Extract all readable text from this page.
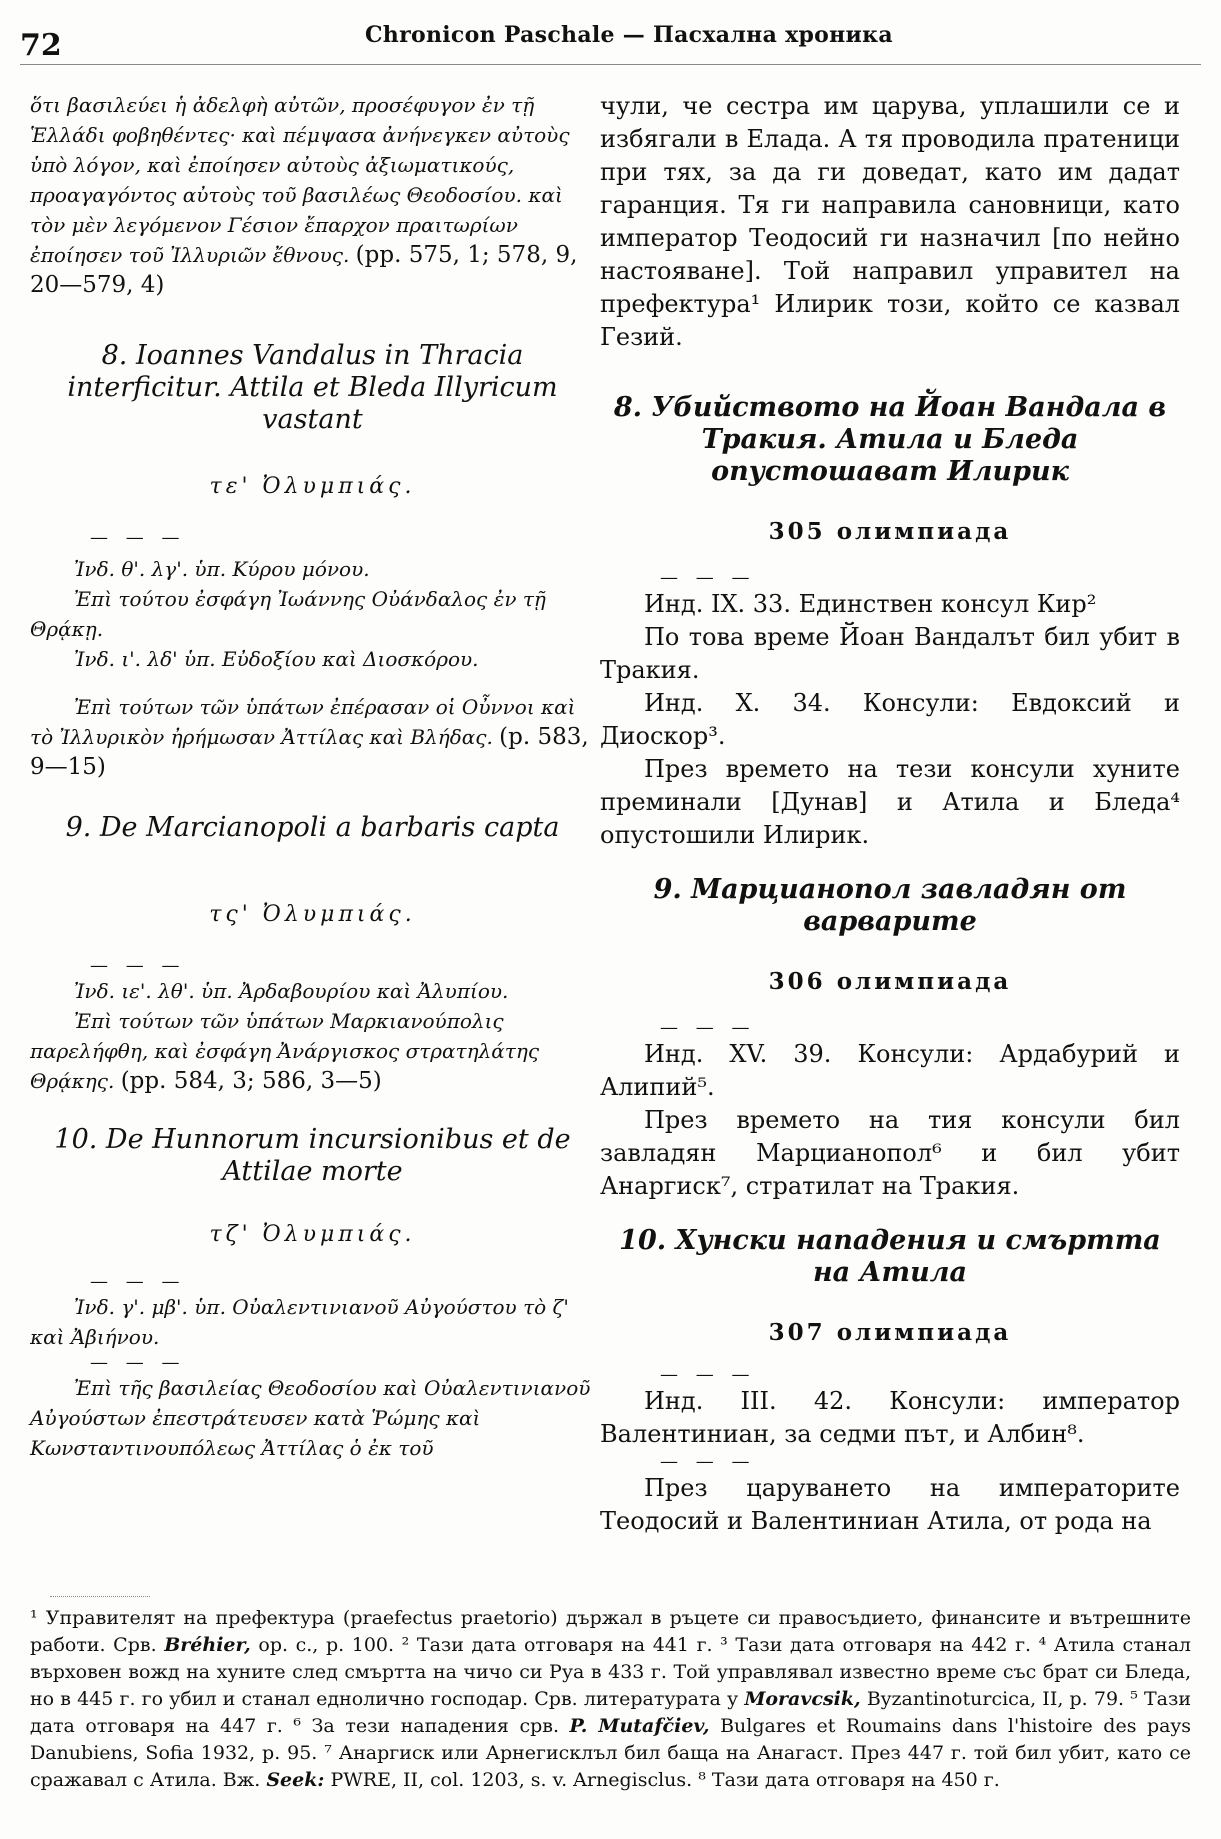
72	Chronicon Paschale — Пасхална хроника

ὅτι βασιλεύει ἡ ἀδελφὴ αὐτῶν, προσέφυγον ἐν τῇ Ἑλλάδι φοβηθέντες· καὶ πέμψασα ἀνήνεγκεν αὐτοὺς ὑπὸ λόγον, καὶ ἐποίησεν αὐτοὺς ἀξιωματικούς, προαγαγόντος αὐτοὺς τοῦ βασιλέως Θεοδοσίου. καὶ τὸν μὲν λεγόμενον Γέσιον ἔπαρχον πραιτωρίων ἐποίησεν τοῦ Ἰλλυριῶν ἔθνους. (pp. 575, 1; 578, 9, 20—579, 4)

8. Ioannes Vandalus in Thracia interficitur. Attila et Bleda Illyricum vastant

τε' Ὀλυμπιάς.

— — —

Ἰνδ. θ'. λγ'. ὑπ. Κύρου μόνου.

Ἐπὶ τούτου ἐσφάγη Ἰωάννης Οὐάνδαλος ἐν τῇ Θρᾴκῃ.

Ἰνδ. ι'. λδ' ὑπ. Εὐδοξίου καὶ Διοσκόρου.

Ἐπὶ τούτων τῶν ὑπάτων ἐπέρασαν οἱ Οὖννοι καὶ τὸ Ἰλλυρικὸν ἠρήμωσαν Ἀττίλας καὶ Βλήδας. (p. 583, 9—15)

9. De Marcianopoli a barbaris capta

τς' Ὀλυμπιάς.

— — —

Ἰνδ. ιε'. λθ'. ὑπ. Ἀρδαβουρίου καὶ Ἀλυπίου.

Ἐπὶ τούτων τῶν ὑπάτων Μαρκιανούπολις παρελήφθη, καὶ ἐσφάγη Ἀνάργισκος στρατηλάτης Θρᾴκης. (pp. 584, 3; 586, 3—5)

10. De Hunnorum incursionibus et de Attilae morte

τζ' Ὀλυμπιάς.

— — —

Ἰνδ. γ'. μβ'. ὑπ. Οὐαλεντινιανοῦ Αὐγούστου τὸ ζ' καὶ Ἀβιήνου.

— — —

Ἐπὶ τῆς βασιλείας Θεοδοσίου καὶ Οὐαλεντινιανοῦ Αὐγούστων ἐπεστράτευσεν κατὰ Ῥώμης καὶ Κωνσταντινουπόλεως Ἀττίλας ὁ ἐκ τοῦ

чули, че сестра им царува, уплашили се и избягали в Елада. А тя проводила пратеници при тях, за да ги доведат, като им дадат гаранция. Тя ги направила сановници, като император Теодосий ги назначил [по нейно настояване]. Той направил управител на префектура¹ Илирик този, който се казвал Гезий.

8. Убийството на Йоан Вандала в Тракия. Атила и Бледа опустошават Илирик

305 олимпиада

— — —

Инд. IX. 33. Единствен консул Кир²

По това време Йоан Вандалът бил убит в Тракия.

Инд. X. 34. Консули: Евдоксий и Диоскор³.

През времето на тези консули хуните преминали [Дунав] и Атила и Бледа⁴ опустошили Илирик.

9. Марцианопол завладян от варварите

306 олимпиада

— — —

Инд. XV. 39. Консули: Ардабурий и Алипий⁵.

През времето на тия консули бил завладян Марцианопол⁶ и бил убит Анаргиск⁷, стратилат на Тракия.

10. Хунски нападения и смъртта на Атила

307 олимпиада

— — —

Инд. III. 42. Консули: император Валентиниан, за седми път, и Албин⁸.

— — —

През царуването на императорите Теодосий и Валентиниан Атила, от рода на

¹ Управителят на префектура (praefectus praetorio) държал в ръцете си правосъдието, финансите и вътрешните работи. Срв. Bréhier, op. c., p. 100. ² Тази дата отговаря на 441 г. ³ Тази дата отговаря на 442 г. ⁴ Атила станал върховен вожд на хуните след смъртта на чичо си Руа в 433 г. Той управлявал известно време със брат си Бледа, но в 445 г. го убил и станал еднолично господар. Срв. литературата у Moravcsik, Byzantinoturcica, II, p. 79. ⁵ Тази дата отговаря на 447 г. ⁶ За тези нападения срв. P. Mutafčiev, Bulgares et Roumains dans l'histoire des pays Danubiens, Sofia 1932, p. 95. ⁷ Анаргиск или Арнегисклъл бил баща на Анагаст. През 447 г. той бил убит, като се сражавал с Атила. Вж. Seek: PWRE, II, col. 1203, s. v. Arnegisclus. ⁸ Тази дата отговаря на 450 г.
